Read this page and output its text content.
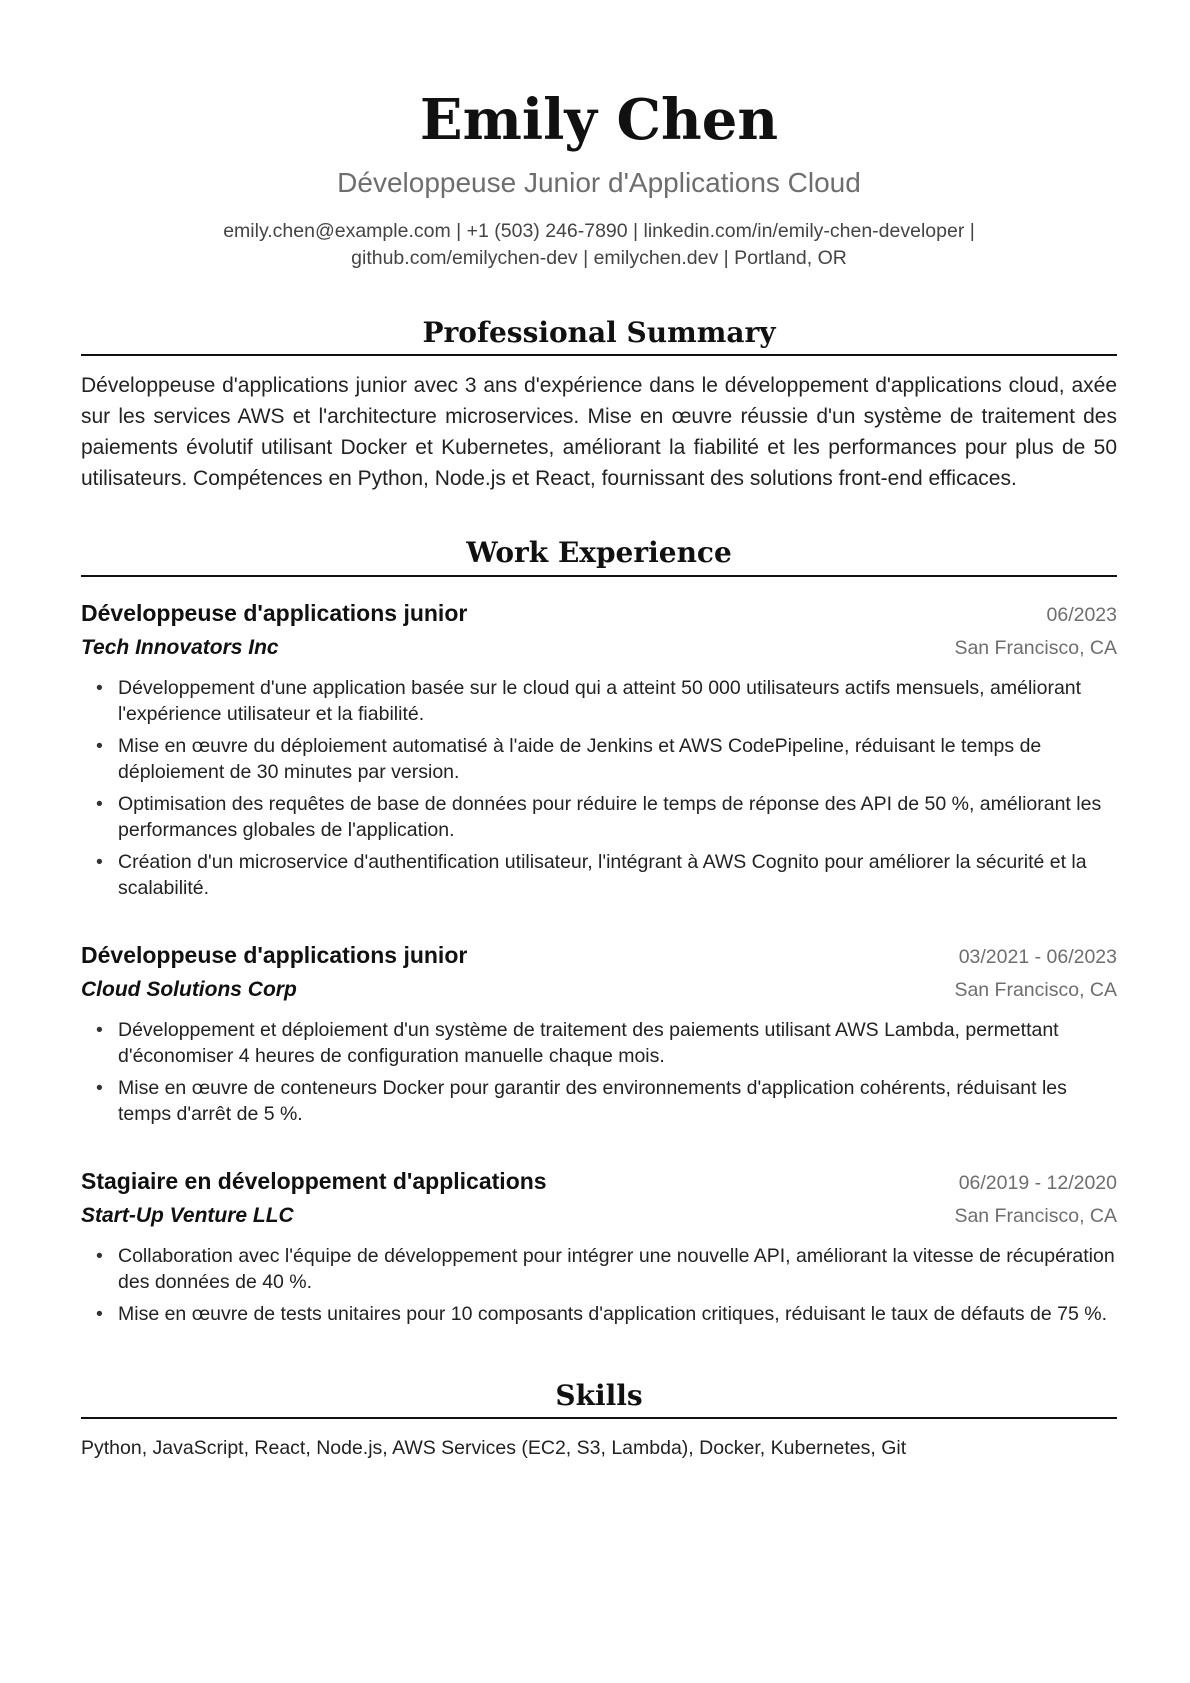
Emily Chen
Développeuse Junior d'Applications Cloud
emily.chen@example.com | +1 (503) 246-7890 | linkedin.com/in/emily-chen-developer |
github.com/emilychen-dev | emilychen.dev | Portland, OR
Professional Summary
Développeuse d'applications junior avec 3 ans d'expérience dans le développement d'applications cloud, axée sur les services AWS et l'architecture microservices. Mise en œuvre réussie d'un système de traitement des paiements évolutif utilisant Docker et Kubernetes, améliorant la fiabilité et les performances pour plus de 50 utilisateurs. Compétences en Python, Node.js et React, fournissant des solutions front-end efficaces.
Work Experience
Développeuse d'applications junior	06/2023
Tech Innovators Inc	San Francisco, CA
• Développement d'une application basée sur le cloud qui a atteint 50 000 utilisateurs actifs mensuels, améliorant l'expérience utilisateur et la fiabilité.
• Mise en œuvre du déploiement automatisé à l'aide de Jenkins et AWS CodePipeline, réduisant le temps de déploiement de 30 minutes par version.
• Optimisation des requêtes de base de données pour réduire le temps de réponse des API de 50 %, améliorant les performances globales de l'application.
• Création d'un microservice d'authentification utilisateur, l'intégrant à AWS Cognito pour améliorer la sécurité et la scalabilité.
Développeuse d'applications junior	03/2021 - 06/2023
Cloud Solutions Corp	San Francisco, CA
• Développement et déploiement d'un système de traitement des paiements utilisant AWS Lambda, permettant d'économiser 4 heures de configuration manuelle chaque mois.
• Mise en œuvre de conteneurs Docker pour garantir des environnements d'application cohérents, réduisant les temps d'arrêt de 5 %.
Stagiaire en développement d'applications	06/2019 - 12/2020
Start-Up Venture LLC	San Francisco, CA
• Collaboration avec l'équipe de développement pour intégrer une nouvelle API, améliorant la vitesse de récupération des données de 40 %.
• Mise en œuvre de tests unitaires pour 10 composants d'application critiques, réduisant le taux de défauts de 75 %.
Skills
Python, JavaScript, React, Node.js, AWS Services (EC2, S3, Lambda), Docker, Kubernetes, Git
